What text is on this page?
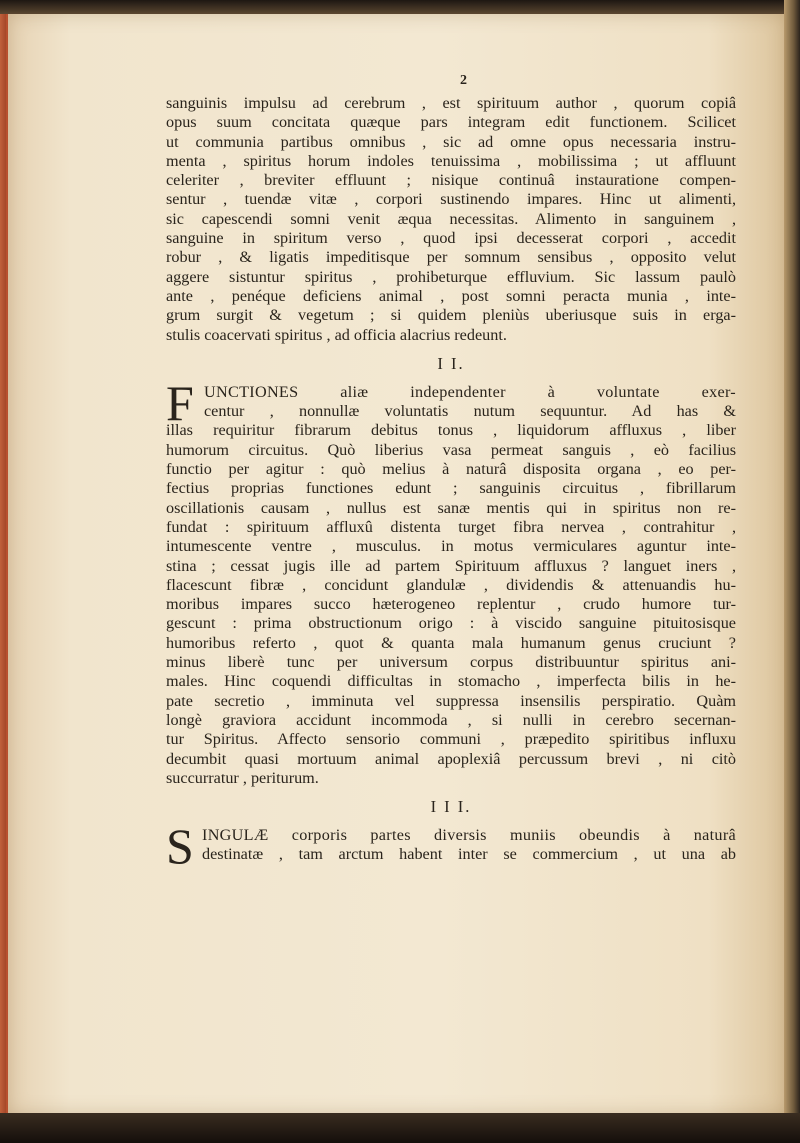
2
sanguinis impulsu ad cerebrum , est spirituum author , quorum copiâ
opus suum concitata quæque pars integram edit functionem. Scilicet
ut communia partibus omnibus , sic ad omne opus necessaria instru-
menta , spiritus horum indoles tenuissima , mobilissima ; ut affluunt
celeriter , breviter effluunt ; nisique continuâ instauratione compen-
sentur , tuendæ vitæ , corpori sustinendo impares. Hinc ut alimenti,
sic capescendi somni venit æqua necessitas. Alimento in sanguinem ,
sanguine in spiritum verso , quod ipsi decesserat corpori , accedit
robur , & ligatis impeditisque per somnum sensibus , opposito velut
aggere sistuntur spiritus , prohibeturque effluvium. Sic lassum paulò
ante , penéque deficiens animal , post somni peracta munia , inte-
grum surgit & vegetum ; si quidem pleniùs uberiusque suis in erga-
stulis coacervati spiritus , ad officia alacrius redeunt.
I I.
F UNCTIONES aliæ independenter à voluntate exer-
centur , nonnullæ voluntatis nutum sequuntur. Ad has &
illas requiritur fibrarum debitus tonus , liquidorum affluxus , liber
humorum circuitus. Quò liberius vasa permeat sanguis , eò facilius
functio per agitur : quò melius à naturâ disposita organa , eo per-
fectius proprias functiones edunt ; sanguinis circuitus , fibrillarum
oscillationis causam , nullus est sanæ mentis qui in spiritus non re-
fundat : spirituum affluxû distenta turget fibra nervea , contrahitur ,
intumescente ventre , musculus. in motus vermiculares aguntur inte-
stina ; cessat jugis ille ad partem Spirituum affluxus ? languet iners ,
flacescunt fibræ , concidunt glandulæ , dividendis & attenuandis hu-
moribus impares succo hæterogeneo replentur , crudo humore tur-
gescunt : prima obstructionum origo : à viscido sanguine pituitosisque
humoribus referto , quot & quanta mala humanum genus cruciunt ?
minus liberè tunc per universum corpus distribuuntur spiritus ani-
males. Hinc coquendi difficultas in stomacho , imperfecta bilis in he-
pate secretio , imminuta vel suppressa insensilis perspiratio. Quàm
longè graviora accidunt incommoda , si nulli in cerebro secernan-
tur Spiritus. Affecto sensorio communi , præpedito spiritibus influxu
decumbit quasi mortuum animal apoplexiâ percussum brevi , ni citò
succurratur , periturum.
I I I.
S INGULÆ corporis partes diversis muniis obeundis à naturâ
destinatæ , tam arctum habent inter se commercium , ut una ab
